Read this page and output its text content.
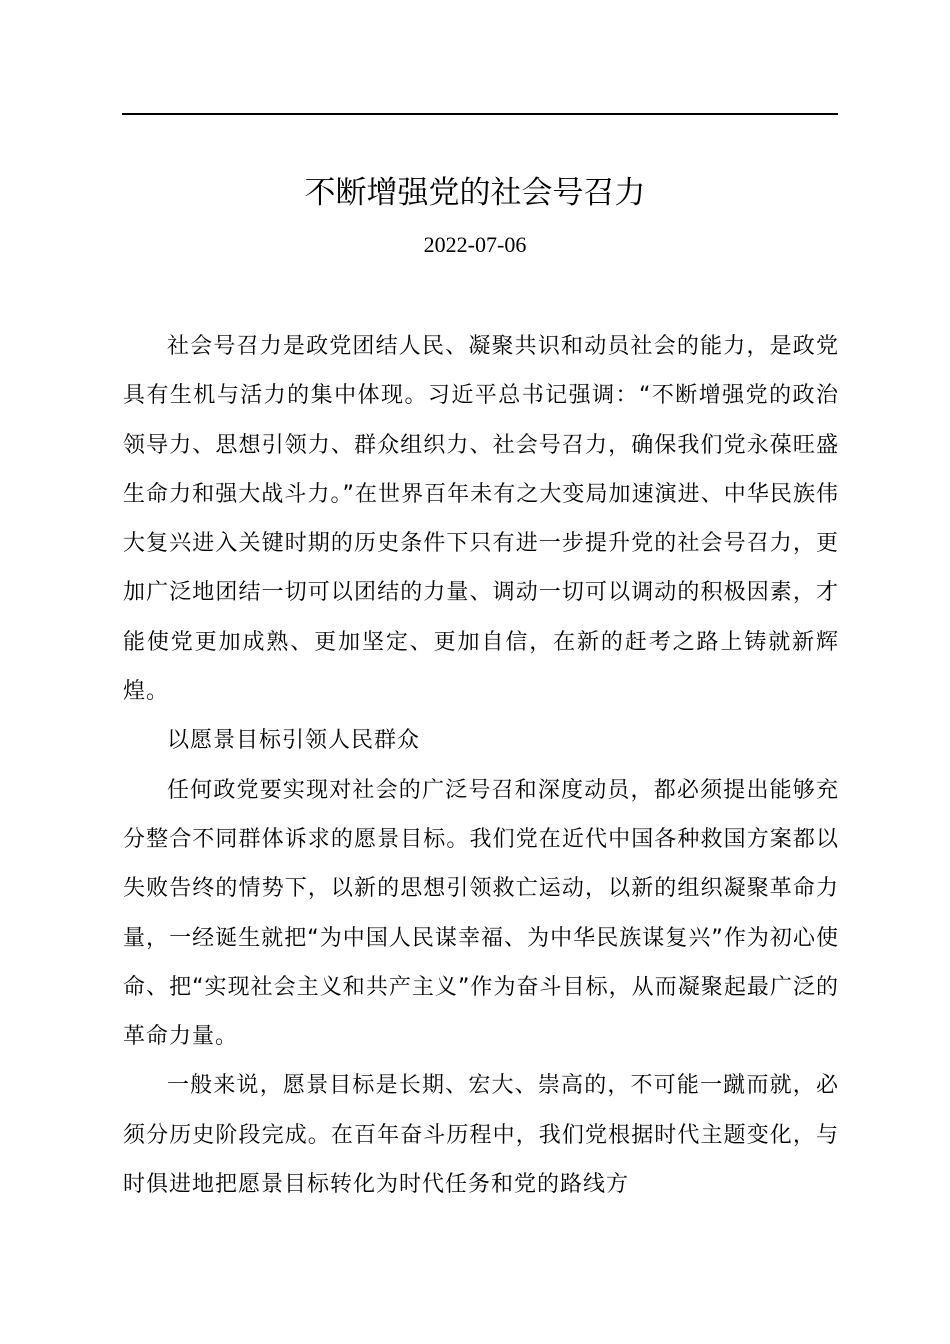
不断增强党的社会号召力
2022-07-06

社会号召力是政党团结人民、凝聚共识和动员社会的能力，是政党具有生机与活力的集中体现。习近平总书记强调：“不断增强党的政治领导力、思想引领力、群众组织力、社会号召力，确保我们党永葆旺盛生命力和强大战斗力。”在世界百年未有之大变局加速演进、中华民族伟大复兴进入关键时期的历史条件下只有进一步提升党的社会号召力，更加广泛地团结一切可以团结的力量、调动一切可以调动的积极因素，才能使党更加成熟、更加坚定、更加自信，在新的赶考之路上铸就新辉煌。

以愿景目标引领人民群众

任何政党要实现对社会的广泛号召和深度动员，都必须提出能够充分整合不同群体诉求的愿景目标。我们党在近代中国各种救国方案都以失败告终的情势下，以新的思想引领救亡运动，以新的组织凝聚革命力量，一经诞生就把“为中国人民谋幸福、为中华民族谋复兴”作为初心使命、把“实现社会主义和共产主义”作为奋斗目标，从而凝聚起最广泛的革命力量。

一般来说，愿景目标是长期、宏大、崇高的，不可能一蹴而就，必须分历史阶段完成。在百年奋斗历程中，我们党根据时代主题变化，与时俱进地把愿景目标转化为时代任务和党的路线方
